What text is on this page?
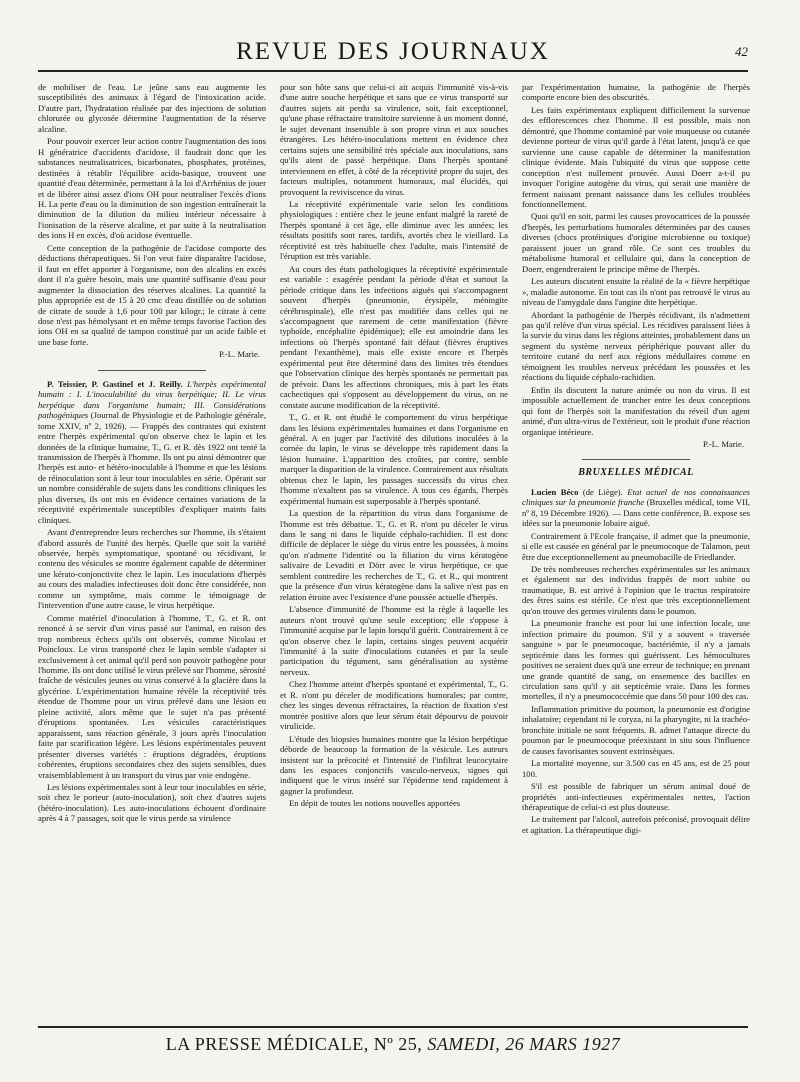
REVUE DES JOURNAUX	42

de mobiliser de l'eau. Le jeûne sans eau augmente les susceptibilités des animaux à l'égard de l'intoxication acide. D'autre part, l'hydratation réalisée par des injections de solution chlorurée ou glycosée détermine l'augmentation de la réserve alcaline.

Pour pouvoir exercer leur action contre l'augmentation des ions H génératrice d'accidents d'acidose, il faudrait donc que les substances neutralisatrices, bicarbonates, phosphates, protéines, destinées à rétablir l'équilibre acido-basique, trouvent une quantité d'eau déterminée, permettant à la loi d'Arrhénius de jouer et de libérer ainsi assez d'ions OH pour neutraliser l'excès d'ions H. La perte d'eau ou la diminution de son ingestion entraînerait la diminution de la dilution du milieu intérieur nécessaire à l'ionisation de la réserve alcaline, et par suite à la neutralisation des ions H en excès, d'où acidose éventuelle.

Cette conception de la pathogénie de l'acidose comporte des déductions thérapeutiques. Si l'on veut faire disparaître l'acidose, il faut en effet apporter à l'organisme, non des alcalins en excès dont il n'a guère besoin, mais une quantité suffisante d'eau pour augmenter la dissociation des réserves alcalines. La quantité la plus appropriée est de 15 à 20 cmc d'eau distillée ou de solution de citrate de soude à 1,6 pour 100 par kilogr.; le citrate à cette dose n'est pas hémolysant et en même temps favorise l'action des ions OH en sa qualité de tampon constitué par un acide faible et une base forte.

P.-L. Marie.

P. Teissier, P. Gastinel et J. Reilly. L'herpès expérimental humain : I. L'inoculabilité du virus herpétique; II. Le virus herpétique dans l'organisme humain; III. Considérations pathogéniques (Journal de Physiologie et de Pathologie générale, tome XXIV, nº 2, 1926). — Frappés des contrastes qui existent entre l'herpès expérimental qu'on observe chez le lapin et les données de la clinique humaine, T., G. et R. dès 1922 ont tenté la transmission de l'herpès à l'homme. Ils ont pu ainsi démontrer que l'herpès est auto- et hétéro-inoculable à l'homme et que les lésions de réinoculation sont à leur tour inoculables en série. Opérant sur un nombre considérable de sujets dans les conditions cliniques les plus diverses, ils ont mis en évidence certaines variations de la réceptivité expérimentale susceptibles d'expliquer maints faits cliniques.

Avant d'entreprendre leurs recherches sur l'homme, ils s'étaient d'abord assurés de l'unité des herpès. Quelle que soit la variété observée, herpès symptomatique, spontané ou récidivant, le contenu des vésicules se montre également capable de déterminer une kérato-conjonctivite chez le lapin. Les inoculations d'herpès au cours des maladies infectieuses doit donc être considérée, non comme un symptôme, mais comme le témoignage de l'intervention d'une autre cause, le virus herpétique.

Comme matériel d'inoculation à l'homme, T., G. et R. ont renoncé à se servir d'un virus passé sur l'animal, en raison des trop nombreux échecs qu'ils ont observés, comme Nicolau et Poincloux. Le virus transporté chez le lapin semble s'adapter si exclusivement à cet animal qu'il perd son pouvoir pathogène pour l'homme. Ils ont donc utilisé le virus prélevé sur l'homme, sérosité fraîche de vésicules jeunes ou virus conservé à la glacière dans la glycérine. L'expérimentation humaine révèle la réceptivité très étendue de l'homme pour un virus prélevé dans une lésion en pleine activité, alors même que le sujet n'a pas présenté d'éruptions spontanées. Les vésicules caractéristiques apparaissent, sans réaction générale, 3 jours après l'inoculation faite par scarification légère. Les lésions expérimentales peuvent présenter diverses variétés : éruptions dégradées, éruptions cohérentes, éruptions secondaires chez des sujets sensibles, dues vraisemblablement à un transport du virus par voie endogène.

Les lésions expérimentales sont à leur tour inoculables en série, soit chez le porteur (auto-inoculation), soit chez d'autres sujets (hétéro-inoculation). Les auto-inoculations échouent d'ordinaire après 4 à 7 passages, soit que le virus perde sa virulence

pour son hôte sans que celui-ci ait acquis l'immunité vis-à-vis d'une autre souche herpétique et sans que ce virus transporté sur d'autres sujets ait perdu sa virulence, soit, fait exceptionnel, qu'une phase réfractaire transitoire survienne à un moment donné, le sujet devenant insensible à son propre virus et aux souches étrangères. Les hétéro-inoculations mettent en évidence chez certains sujets une sensibilité très spéciale aux inoculations, sans qu'ils aient de passé herpétique. Dans l'herpès spontané interviennent en effet, à côté de la réceptivité propre du sujet, des facteurs multiples, notamment humoraux, mal élucidés, qui provoquent la reviviscence du virus.

La réceptivité expérimentale varie selon les conditions physiologiques : entière chez le jeune enfant malgré la rareté de l'herpès spontané à cet âge, elle diminue avec les années; les résultats positifs sont rares, tardifs, avortés chez le vieillard. La réceptivité est très habituelle chez l'adulte, mais l'intensité de l'éruption est très variable.

Au cours des états pathologiques la réceptivité expérimentale est variable : exagérée pendant la période d'état et surtout la période critique dans les infections aiguës qui s'accompagnent souvent d'herpès (pneumonie, érysipèle, méningite cérébrospinale), elle n'est pas modifiée dans celles qui ne s'accompagnent que rarement de cette manifestation (fièvre typhoïde, encéphalite épidémique); elle est amoindrie dans les infections où l'herpès spontané fait défaut (fièvres éruptives pendant l'exanthème), mais elle existe encore et l'herpès expérimental peut être déterminé dans des limites très étendues que l'observation clinique des herpès spontanés ne permettait pas de prévoir. Dans les affections chroniques, mis à part les états cachectiques qui s'opposent au développement du virus, on ne constate aucune modification de la réceptivité.

T., G. et R. ont étudié le comportement du virus herpétique dans les lésions expérimentales humaines et dans l'organisme en général. A en juger par l'activité des dilutions inoculées à la cornée du lapin, le virus se développe très rapidement dans la lésion humaine. L'apparition des croûtes, par contre, semble marquer la disparition de la virulence. Contrairement aux résultats obtenus chez le lapin, les passages successifs du virus chez l'homme n'exaltent pas sa virulence. A tous ces égards, l'herpès expérimental humain est superposable à l'herpès spontané.

La question de la répartition du virus dans l'organisme de l'homme est très débattue. T., G. et R. n'ont pu déceler le virus dans le sang ni dans le liquide céphalo-rachidien. Il est donc difficile de déplacer le siège du virus entre les poussées, à moins qu'on n'admette l'identité ou la filiation du virus kératogène salivaire de Levaditi et Dörr avec le virus herpétique, ce que semblent contredire les recherches de T., G. et R., qui montrent que la présence d'un virus kératogène dans la salive n'est pas en relation étroite avec l'existence d'une poussée actuelle d'herpès.

L'absence d'immunité de l'homme est la règle à laquelle les auteurs n'ont trouvé qu'une seule exception; elle s'oppose à l'immunité acquise par le lapin lorsqu'il guérit. Contrairement à ce qu'on observe chez le lapin, certains singes peuvent acquérir l'immunité à la suite d'inoculations cutanées et par la seule participation du tégument, sans généralisation au système nerveux.

Chez l'homme atteint d'herpès spontané et expérimental, T., G. et R. n'ont pu déceler de modifications humorales; par contre, chez les singes devenus réfractaires, la réaction de fixation s'est montrée positive alors que leur sérum était dépourvu de pouvoir virulicide.

L'étude des biopsies humaines montre que la lésion herpétique déborde de beaucoup la formation de la vésicule. Les auteurs insistent sur la précocité et l'intensité de l'infiltrat leucocytaire dans les espaces conjonctifs vasculo-nerveux, signes qui indiquent que le virus inséré sur l'épiderme tend rapidement à gagner la profondeur.

En dépit de toutes les notions nouvelles apportées

par l'expérimentation humaine, la pathogénie de l'herpès comporte encore bien des obscurités.

Les faits expérimentaux expliquent difficilement la survenue des efflorescences chez l'homme. Il est possible, mais non démontré, que l'homme contaminé par voie muqueuse ou cutanée devienne porteur de virus qu'il garde à l'état latent, jusqu'à ce que survienne une cause capable de déterminer la manifestation clinique évidente. Mais l'ubiquité du virus que suppose cette conception n'est nullement prouvée. Aussi Doerr a-t-il pu invoquer l'origine autogène du virus, qui serait une manière de ferment naissant prenant naissance dans les cellules troublées fonctionnellement.

Quoi qu'il en soit, parmi les causes provocatrices de la poussée d'herpès, les perturbations humorales déterminées par des causes diverses (chocs protéiniques d'origine microbienne ou toxique) paraissent jouer un grand rôle. Ce sont ces troubles du métabolisme humoral et cellulaire qui, dans la conception de Doerr, engendreraient le principe même de l'herpès.

Les auteurs discutent ensuite la réalité de la « fièvre herpétique », maladie autonome. En tout cas ils n'ont pas retrouvé le virus au niveau de l'amygdale dans l'angine dite herpétique.

Abordant la pathogénie de l'herpès récidivant, ils n'admettent pas qu'il relève d'un virus spécial. Les récidives paraissent liées à la survie du virus dans les régions atteintes, probablement dans un segment du système nerveux périphérique pouvant aller du territoire cutané du nerf aux régions médullaires comme en témoignent les troubles nerveux précédant les poussées et les réactions du liquide céphalo-rachidien.

Enfin ils discutent la nature animée ou non du virus. Il est impossible actuellement de trancher entre les deux conceptions qui font de l'herpès soit la manifestation du réveil d'un agent animé, d'un ultra-virus de l'extérieur, soit le produit d'une réaction organique intérieure.

P.-L. Marie.

BRUXELLES MÉDICAL

Lucien Béco (de Liège). Etat actuel de nos connaissances cliniques sur la pneumonie franche (Bruxelles médical, tome VII, nº 8, 19 Décembre 1926). — Dans cette conférence, B. expose ses idées sur la pneumonie lobaire aiguë.

Contrairement à l'Ecole française, il admet que la pneumonie, si elle est causée en général par le pneumocoque de Talamon, peut être due exceptionnellement au pneumobacille de Friedlander.

De très nombreuses recherches expérimentales sur les animaux et également sur des individus frappés de mort subite ou traumatique, B. est arrivé à l'opinion que le tractus respiratoire des êtres sains est stérile. Ce n'est que très exceptionnellement qu'on trouve des germes virulents dans le poumon.

La pneumonie franche est pour lui une infection locale, une infection primaire du poumon. S'il y a souvent « traversée sanguine » par le pneumocoque, bactériémie, il n'y a jamais septicémie dans les formes qui guérissent. Les hémocultures positives ne seraient dues qu'à une erreur de technique; en prenant une grande quantité de sang, on ensemence des bacilles en circulation sans qu'il y ait septicémie vraie. Dans les formes mortelles, il n'y a pneumococcémie que dans 50 pour 100 des cas.

Inflammation primitive du poumon, la pneumonie est d'origine inhalatoire; cependant ni le coryza, ni la pharyngite, ni la trachéo-bronchite initiale ne sont fréquents. B. admet l'attaque directe du poumon par le pneumocoque préexistant in situ sous l'influence de causes favorisantes souvent extrinsèques.

La mortalité moyenne, sur 3.500 cas en 45 ans, est de 25 pour 100.

S'il est possible de fabriquer un sérum animal doué de propriétés anti-infectieuses expérimentales nettes, l'action thérapeutique de celui-ci est plus douteuse.

Le traitement par l'alcool, autrefois préconisé, provoquait délire et agitation. La thérapeutique digi-

LA PRESSE MÉDICALE, Nº 25, SAMEDI, 26 MARS 1927
